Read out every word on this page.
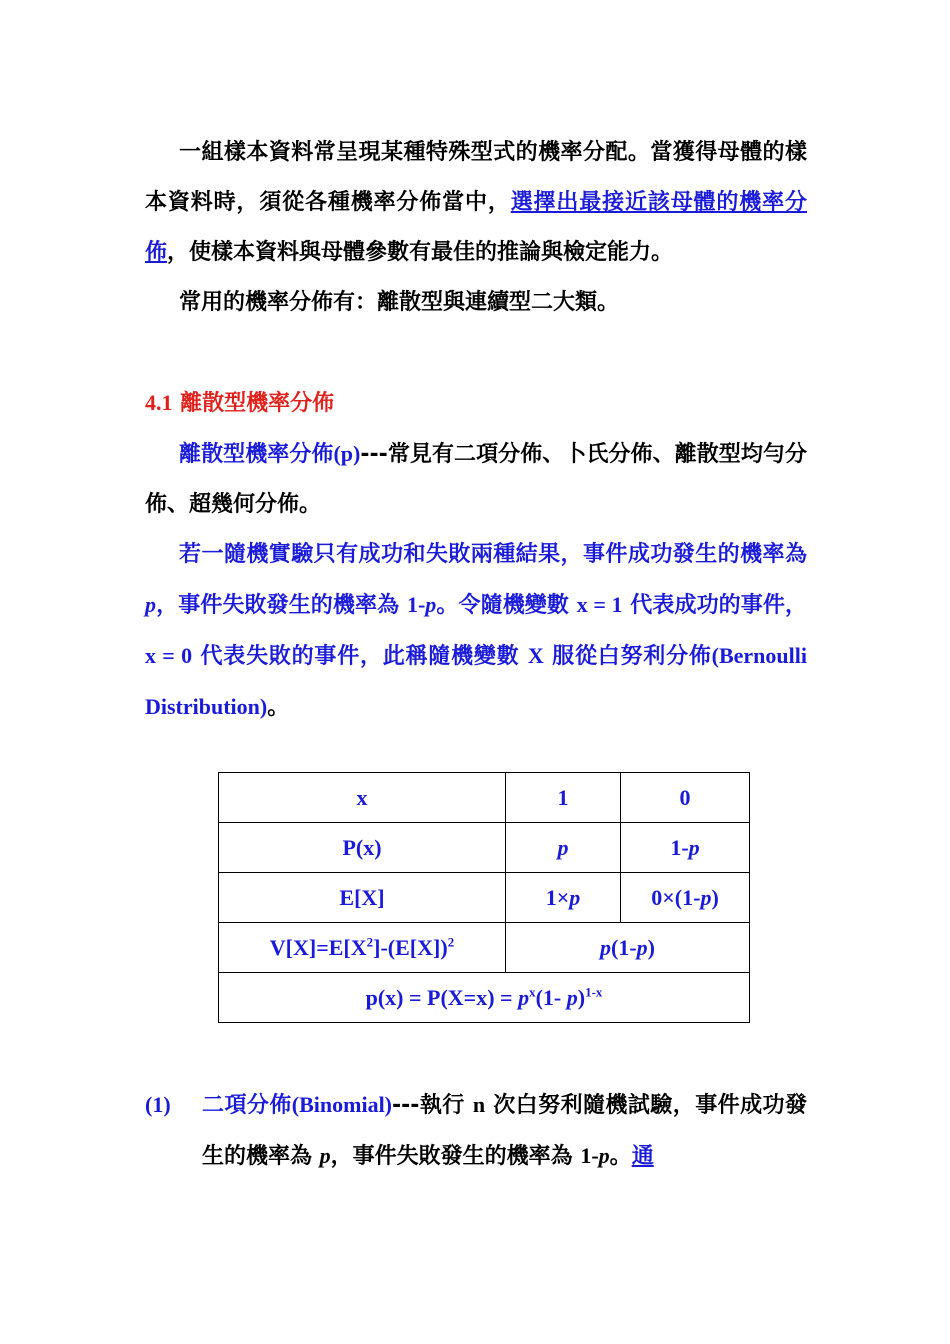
一組樣本資料常呈現某種特殊型式的機率分配。當獲得母體的樣本資料時，須從各種機率分佈當中，選擇出最接近該母體的機率分佈，使樣本資料與母體參數有最佳的推論與檢定能力。

常用的機率分佈有：離散型與連續型二大類。

4.1 離散型機率分佈

離散型機率分佈(p)---常見有二項分佈、卜氏分佈、離散型均勻分佈、超幾何分佈。

若一隨機實驗只有成功和失敗兩種結果，事件成功發生的機率為 p，事件失敗發生的機率為 1-p。令隨機變數 x = 1 代表成功的事件，x = 0 代表失敗的事件，此稱隨機變數 X 服從白努利分佈(Bernoulli Distribution)。

x	1	0
P(x)	p	1-p
E[X]	1×p	0×(1-p)
$V[X]=E[X^2]-(E[X])^2$	p(1-p)	
$p(x) = P(X=x) = p^x(1-$ p)$^{1-x}$
(1) 二項分佈(Binomial)---執行 n 次白努利隨機試驗，事件成功發生的機率為 p，事件失敗發生的機率為 1-p。通
